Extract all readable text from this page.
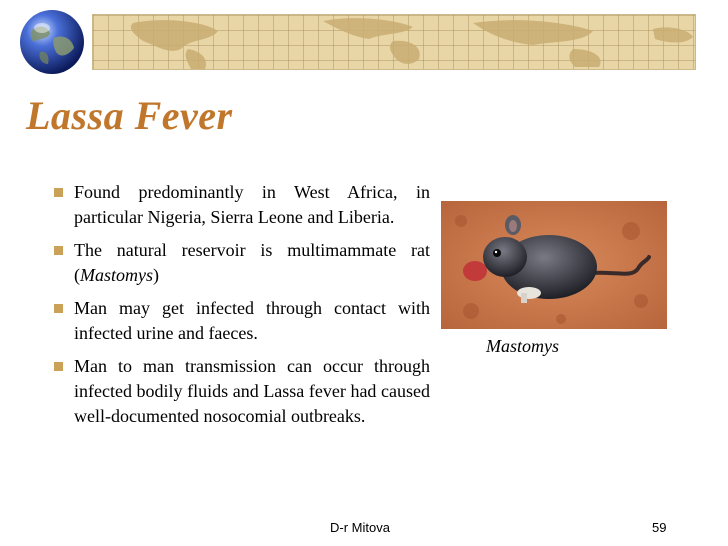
Lassa Fever
Found predominantly in West Africa, in particular Nigeria, Sierra Leone and Liberia.
The natural reservoir is multimammate rat (Mastomys)
Man may get infected through contact with infected urine and faeces.
Man to man transmission can occur through infected bodily fluids and Lassa fever had caused well-documented nosocomial outbreaks.
Mastomys
D-r Mitova	59
